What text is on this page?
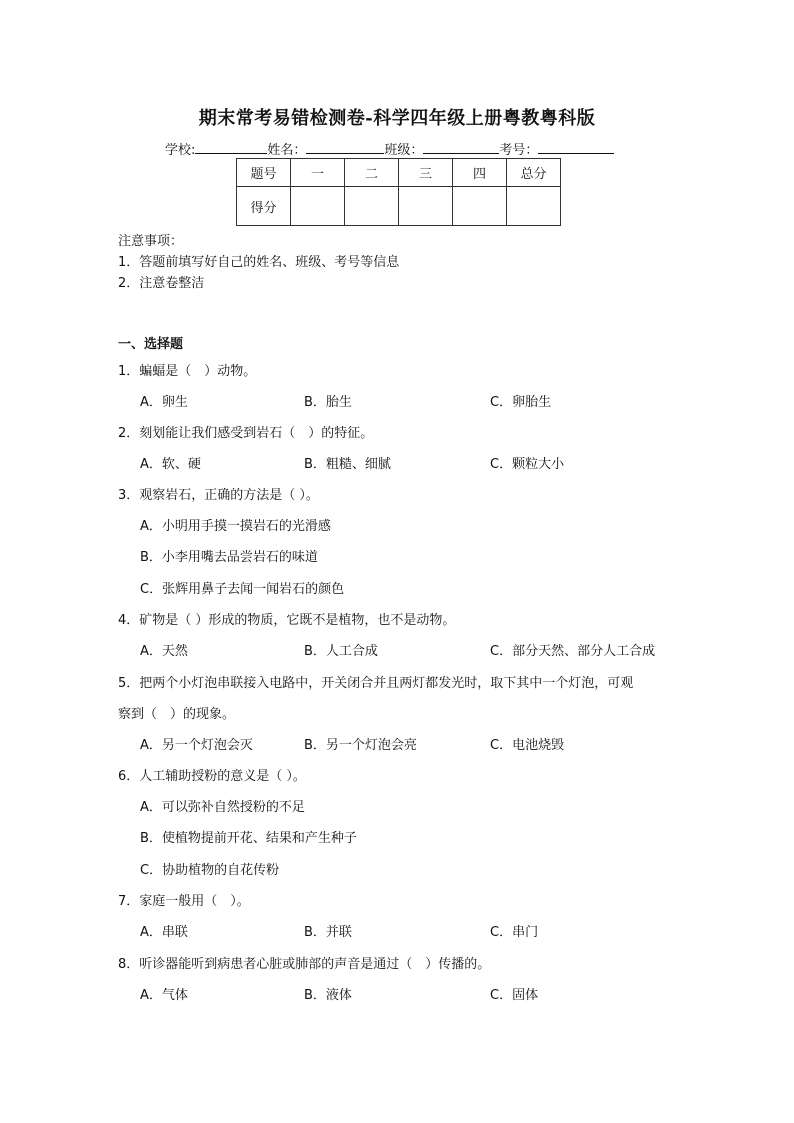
期末常考易错检测卷-科学四年级上册粤教粤科版
学校:	姓名：	班级：	考号：
题号	一	二	三	四	总分
得分					
注意事项：
1．答题前填写好自己的姓名、班级、考号等信息
2．注意卷整洁
一、选择题
1．蝙蝠是（　）动物。
A．卵生	B．胎生	C．卵胎生
2．刻划能让我们感受到岩石（　）的特征。
A．软、硬	B．粗糙、细腻	C．颗粒大小
3．观察岩石，正确的方法是（ ）。
A．小明用手摸一摸岩石的光滑感
B．小李用嘴去品尝岩石的味道
C．张辉用鼻子去闻一闻岩石的颜色
4．矿物是（ ）形成的物质，它既不是植物，也不是动物。
A．天然	B．人工合成	C．部分天然、部分人工合成
5．把两个小灯泡串联接入电路中，开关闭合并且两灯都发光时，取下其中一个灯泡，可观
察到（　）的现象。
A．另一个灯泡会灭	B．另一个灯泡会亮	C．电池烧毁
6．人工辅助授粉的意义是（ ）。
A．可以弥补自然授粉的不足
B．使植物提前开花、结果和产生种子
C．协助植物的自花传粉
7．家庭一般用（　）。
A．串联	B．并联	C．串门
8．听诊器能听到病患者心脏或肺部的声音是通过（　）传播的。
A．气体	B．液体	C．固体
